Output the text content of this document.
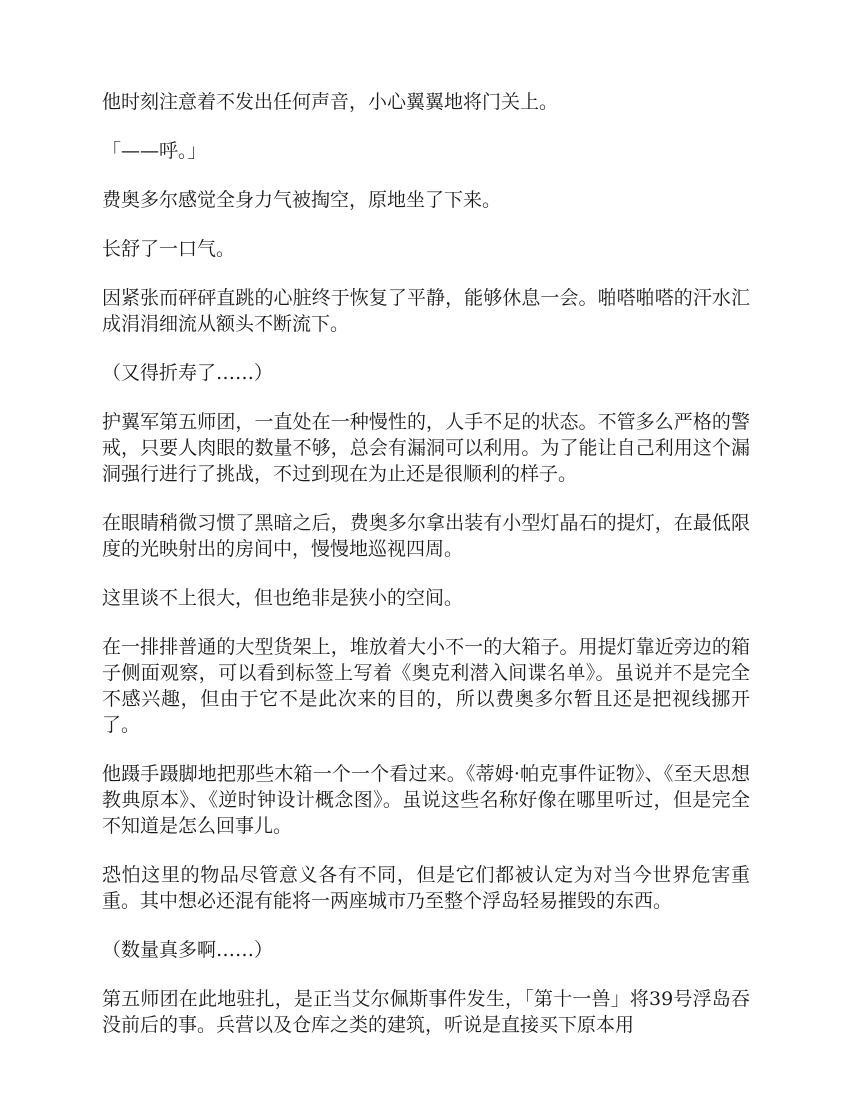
他时刻注意着不发出任何声音，小心翼翼地将门关上。

「——呼。」

费奥多尔感觉全身力气被掏空，原地坐了下来。

长舒了一口气。

因紧张而砰砰直跳的心脏终于恢复了平静，能够休息一会。啪嗒啪嗒的汗水汇成涓涓细流从额头不断流下。

（又得折寿了……）

护翼军第五师团，一直处在一种慢性的，人手不足的状态。不管多么严格的警戒，只要人肉眼的数量不够，总会有漏洞可以利用。为了能让自己利用这个漏洞强行进行了挑战，不过到现在为止还是很顺利的样子。

在眼睛稍微习惯了黑暗之后，费奥多尔拿出装有小型灯晶石的提灯，在最低限度的光映射出的房间中，慢慢地巡视四周。

这里谈不上很大，但也绝非是狭小的空间。

在一排排普通的大型货架上，堆放着大小不一的大箱子。用提灯靠近旁边的箱子侧面观察，可以看到标签上写着《奥克利潜入间谍名单》。虽说并不是完全不感兴趣，但由于它不是此次来的目的，所以费奥多尔暂且还是把视线挪开了。

他蹑手蹑脚地把那些木箱一个一个看过来。《蒂姆·帕克事件证物》、《至天思想教典原本》、《逆时钟设计概念图》。虽说这些名称好像在哪里听过，但是完全不知道是怎么回事儿。

恐怕这里的物品尽管意义各有不同，但是它们都被认定为对当今世界危害重重。其中想必还混有能将一两座城市乃至整个浮岛轻易摧毁的东西。

（数量真多啊……）

第五师团在此地驻扎，是正当艾尔佩斯事件发生，「第十一兽」将39号浮岛吞没前后的事。兵营以及仓库之类的建筑，听说是直接买下原本用
